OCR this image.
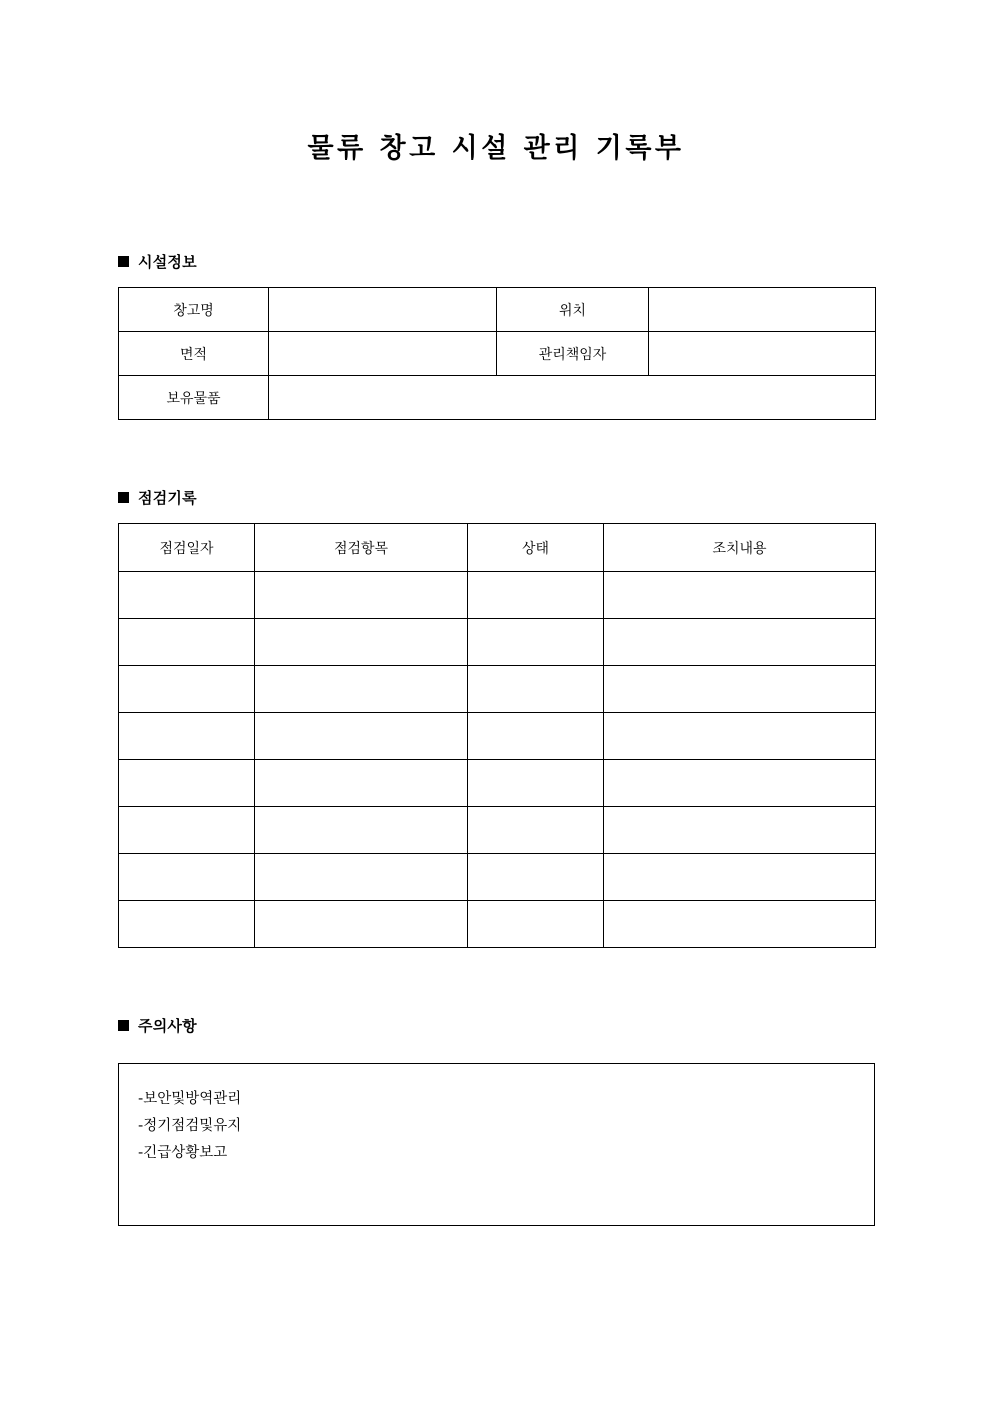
물류 창고 시설 관리 기록부
시설정보
창고명		위치	
면적		관리책임자	
보유물품			
점검기록
점검일자	점검항목	상태	조치내용

주의사항
-보안및방역관리
-정기점검및유지
-긴급상황보고
